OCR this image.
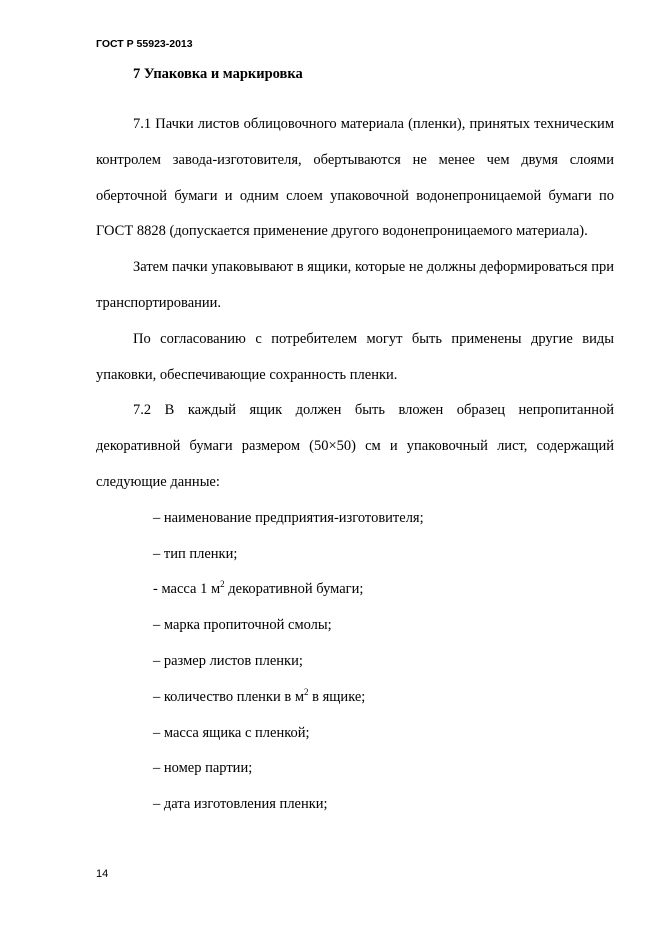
ГОСТ Р 55923-2013
7 Упаковка и маркировка

7.1 Пачки листов облицовочного материала (пленки), принятых техническим контролем завода-изготовителя, обертываются не менее чем двумя слоями оберточной бумаги и одним слоем упаковочной водонепроницаемой бумаги по ГОСТ 8828 (допускается применение другого водонепроницаемого материала).

Затем пачки упаковывают в ящики, которые не должны деформироваться при транспортировании.

По согласованию с потребителем могут быть применены другие виды упаковки, обеспечивающие сохранность пленки.

7.2 В каждый ящик должен быть вложен образец непропитанной декоративной бумаги размером (50×50) см и упаковочный лист, содержащий следующие данные:

– наименование предприятия-изготовителя;
– тип пленки;
- масса 1 $м^2$ декоративной бумаги;
– марка пропиточной смолы;
– размер листов пленки;
– количество пленки в $м^2$ в ящике;
– масса ящика с пленкой;
– номер партии;
– дата изготовления пленки;
14
